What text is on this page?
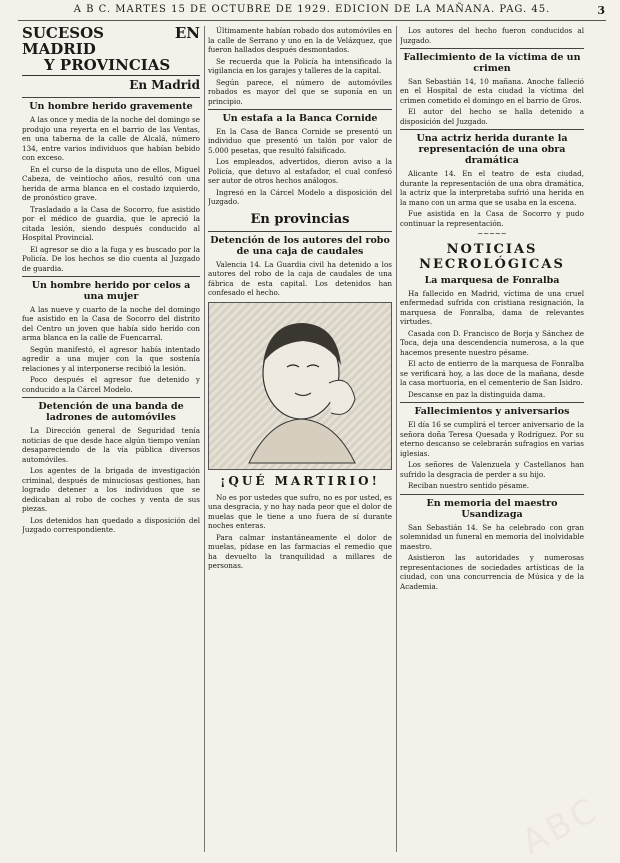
A B C. MARTES 15 DE OCTUBRE DE 1929. EDICION DE LA MAÑANA. PAG. 45.	3
SUCESOS EN MADRID
Y PROVINCIAS
En Madrid
Un hombre herido gravemente

A las once y media de la noche del domingo se produjo una reyerta en el barrio de las Ventas, en una taberna de la calle de Alcalá, número 134, entre varios individuos que habían bebido con exceso.

En el curso de la disputa uno de ellos, Miguel Cabeza, de veintiocho años, resultó con una herida de arma blanca en el costado izquierdo, de pronóstico grave.

Trasladado a la Casa de Socorro, fue asistido por el médico de guardia, que le apreció la citada lesión, siendo después conducido al Hospital Provincial.

El agresor se dio a la fuga y es buscado por la Policía. De los hechos se dio cuenta al Juzgado de guardia.

Un hombre herido por celos a una mujer

A las nueve y cuarto de la noche del domingo fue asistido en la Casa de Socorro del distrito del Centro un joven que había sido herido con arma blanca en la calle de Fuencarral.

Según manifestó, el agresor había intentado agredir a una mujer con la que sostenía relaciones y al interponerse recibió la lesión.

Poco después el agresor fue detenido y conducido a la Cárcel Modelo.

Detención de una banda de ladrones de automóviles

La Dirección general de Seguridad tenía noticias de que desde hace algún tiempo venían desapareciendo de la vía pública diversos automóviles.

Los agentes de la brigada de investigación criminal, después de minuciosas gestiones, han logrado detener a los individuos que se dedicaban al robo de coches y venta de sus piezas.

Los detenidos han quedado a disposición del Juzgado correspondiente.

Últimamente habían robado dos automóviles en la calle de Serrano y uno en la de Velázquez, que fueron hallados después desmontados.

Se recuerda que la Policía ha intensificado la vigilancia en los garajes y talleres de la capital.

Según parece, el número de automóviles robados es mayor del que se suponía en un principio.

Un estafa a la Banca Cornide

En la Casa de Banca Cornide se presentó un individuo que presentó un talón por valor de 5.000 pesetas, que resultó falsificado.

Los empleados, advertidos, dieron aviso a la Policía, que detuvo al estafador, el cual confesó ser autor de otros hechos análogos.

Ingresó en la Cárcel Modelo a disposición del Juzgado.

En provincias
Detención de los autores del robo de una caja de caudales

Valencia 14. La Guardia civil ha detenido a los autores del robo de la caja de caudales de una fábrica de esta capital. Los detenidos han confesado el hecho.

¡QUÉ MARTIRIO!

No es por ustedes que sufro, no es por usted, es una desgracia, y no hay nada peor que el dolor de muelas que le tiene a uno fuera de sí durante noches enteras.

Para calmar instantáneamente el dolor de muelas, pídase en las farmacias el remedio que ha devuelto la tranquilidad a millares de personas.

Los autores del hecho fueron conducidos al Juzgado.

Fallecimiento de la víctima de un crimen

San Sebastián 14, 10 mañana. Anoche falleció en el Hospital de esta ciudad la víctima del crimen cometido el domingo en el barrio de Gros.

El autor del hecho se halla detenido a disposición del Juzgado.

Una actriz herida durante la representación de una obra dramática

Alicante 14. En el teatro de esta ciudad, durante la representación de una obra dramática, la actriz que la interpretaba sufrió una herida en la mano con un arma que se usaba en la escena.

Fue asistida en la Casa de Socorro y pudo continuar la representación.

~~~~~
NOTICIAS
NECROLÓGICAS
La marquesa de Fonralba

Ha fallecido en Madrid, víctima de una cruel enfermedad sufrida con cristiana resignación, la marquesa de Fonralba, dama de relevantes virtudes.

Casada con D. Francisco de Borja y Sánchez de Toca, deja una descendencia numerosa, a la que hacemos presente nuestro pésame.

El acto de entierro de la marquesa de Fonralba se verificará hoy, a las doce de la mañana, desde la casa mortuoria, en el cementerio de San Isidro.

Descanse en paz la distinguida dama.

Fallecimientos y aniversarios

El día 16 se cumplirá el tercer aniversario de la señora doña Teresa Quesada y Rodríguez. Por su eterno descanso se celebrarán sufragios en varias iglesias.

Los señores de Valenzuela y Castellanos han sufrido la desgracia de perder a su hijo.

Reciban nuestro sentido pésame.

En memoria del maestro Usandizaga

San Sebastián 14. Se ha celebrado con gran solemnidad un funeral en memoria del inolvidable maestro.

Asistieron las autoridades y numerosas representaciones de sociedades artísticas de la ciudad, con una concurrencia de Música y de la Academia.

ABC
